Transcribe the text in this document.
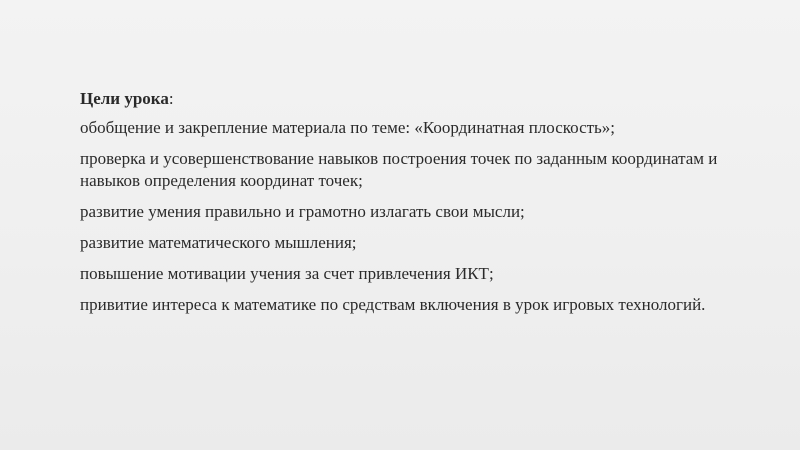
Цели урока:

обобщение и закрепление материала по теме: «Координатная плоскость»;
проверка и усовершенствование навыков построения точек по заданным координатам и навыков определения координат точек;
развитие умения правильно и грамотно излагать свои мысли;
развитие математического мышления;
повышение мотивации учения за счет привлечения ИКТ;
привитие интереса к математике по средствам включения в урок игровых технологий.
